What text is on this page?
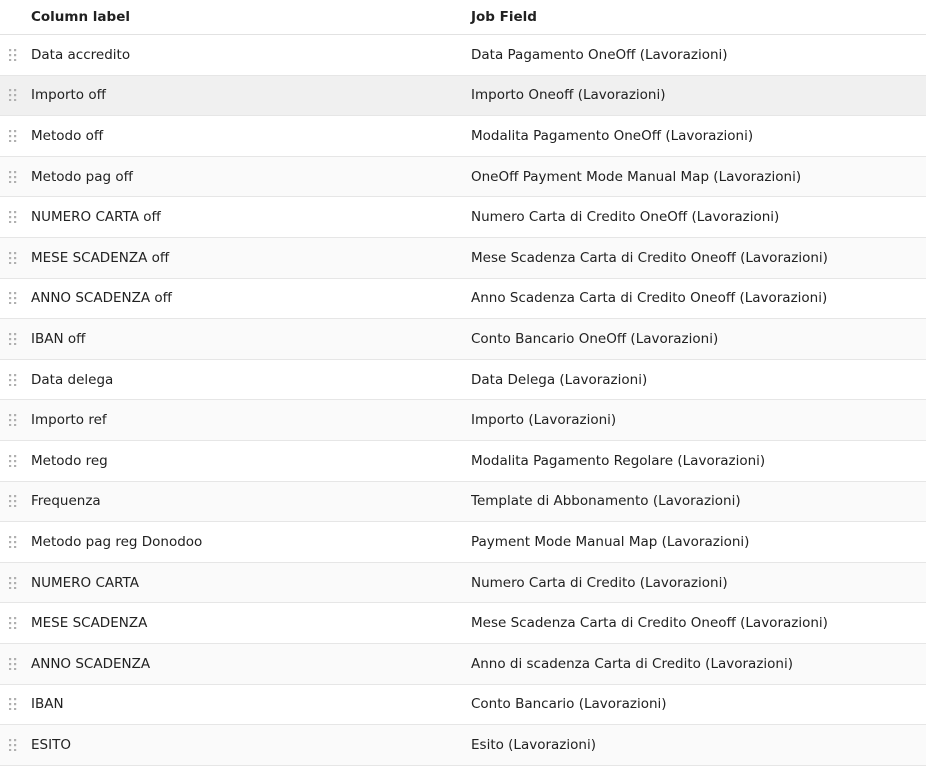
Column label	Job Field
Data accredito	Data Pagamento OneOff (Lavorazioni)
Importo off	Importo Oneoff (Lavorazioni)
Metodo off	Modalita Pagamento OneOff (Lavorazioni)
Metodo pag off	OneOff Payment Mode Manual Map (Lavorazioni)
NUMERO CARTA off	Numero Carta di Credito OneOff (Lavorazioni)
MESE SCADENZA off	Mese Scadenza Carta di Credito Oneoff (Lavorazioni)
ANNO SCADENZA off	Anno Scadenza Carta di Credito Oneoff (Lavorazioni)
IBAN off	Conto Bancario OneOff (Lavorazioni)
Data delega	Data Delega (Lavorazioni)
Importo ref	Importo (Lavorazioni)
Metodo reg	Modalita Pagamento Regolare (Lavorazioni)
Frequenza	Template di Abbonamento (Lavorazioni)
Metodo pag reg Donodoo	Payment Mode Manual Map (Lavorazioni)
NUMERO CARTA	Numero Carta di Credito (Lavorazioni)
MESE SCADENZA	Mese Scadenza Carta di Credito Oneoff (Lavorazioni)
ANNO SCADENZA	Anno di scadenza Carta di Credito (Lavorazioni)
IBAN	Conto Bancario (Lavorazioni)
ESITO	Esito (Lavorazioni)
